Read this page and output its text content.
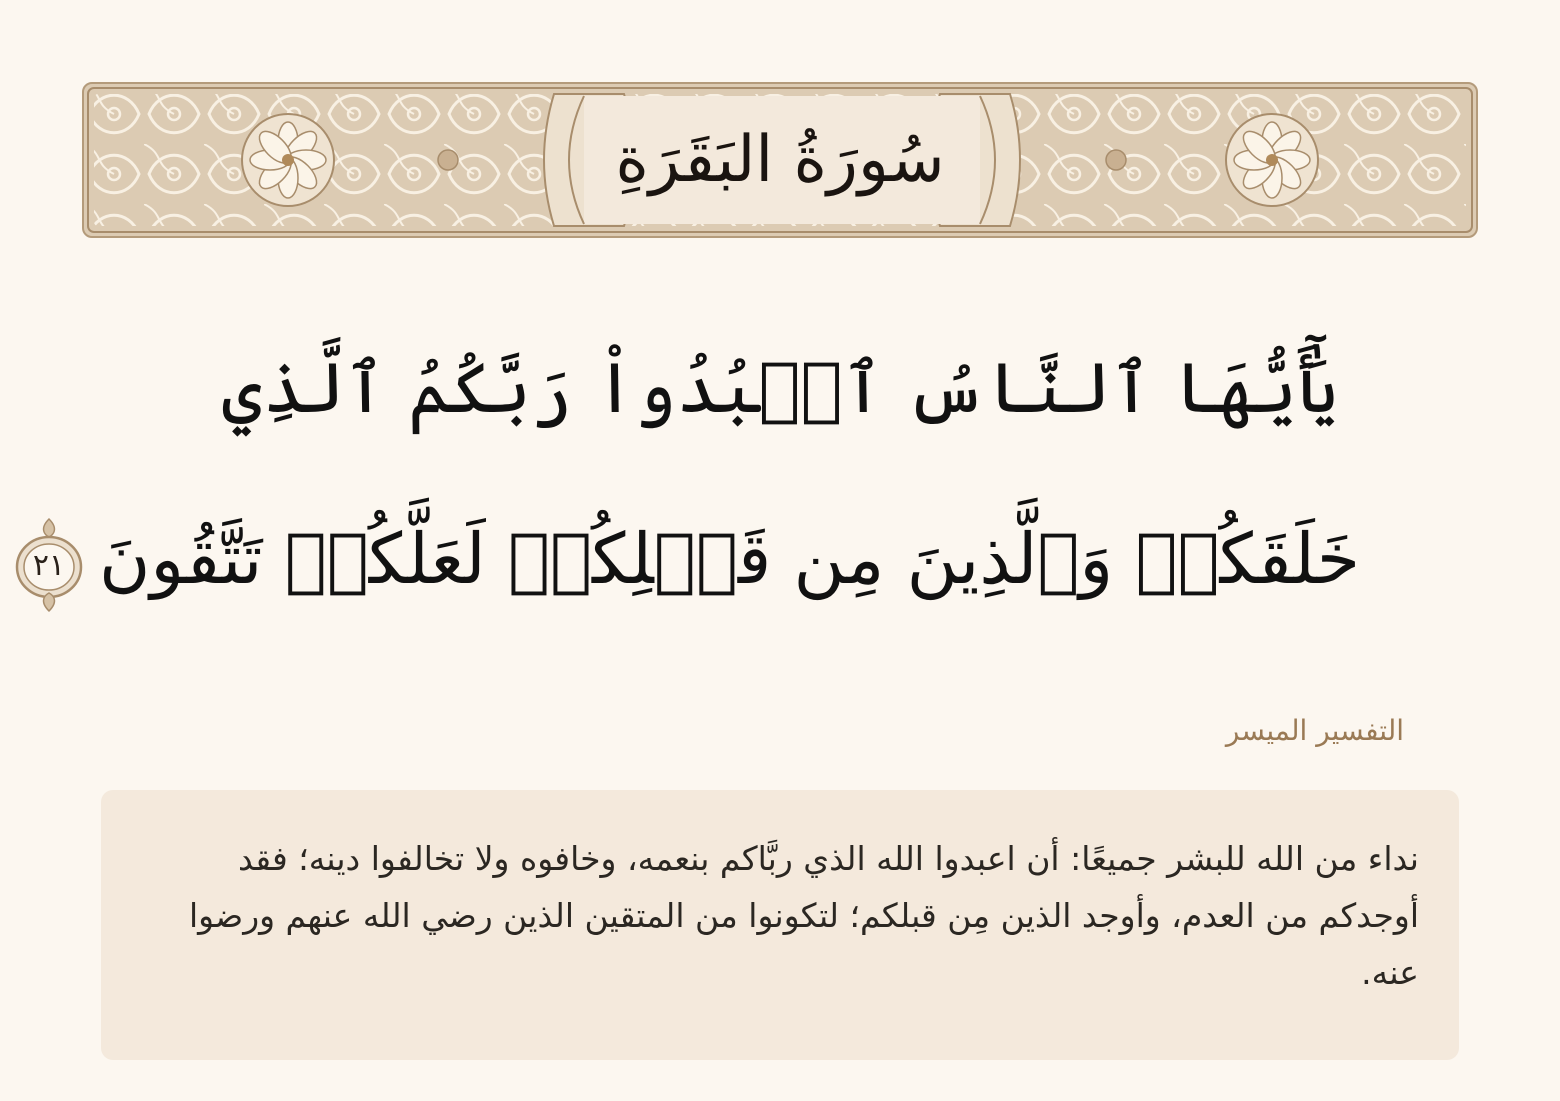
سُورَةُ البَقَرَةِ
يَٰٓأَيُّهَا ٱلنَّاسُ ٱعۡبُدُواْ رَبَّكُمُ ٱلَّذِي
خَلَقَكُمۡ وَٱلَّذِينَ مِن قَبۡلِكُمۡ لَعَلَّكُمۡ تَتَّقُونَ
٢١
التفسير الميسر
نداء من الله للبشر جميعًا: أن اعبدوا الله الذي ربَّاكم بنعمه، وخافوه ولا تخالفوا دينه؛ فقد أوجدكم من العدم، وأوجد الذين مِن قبلكم؛ لتكونوا من المتقين الذين رضي الله عنهم ورضوا عنه.
